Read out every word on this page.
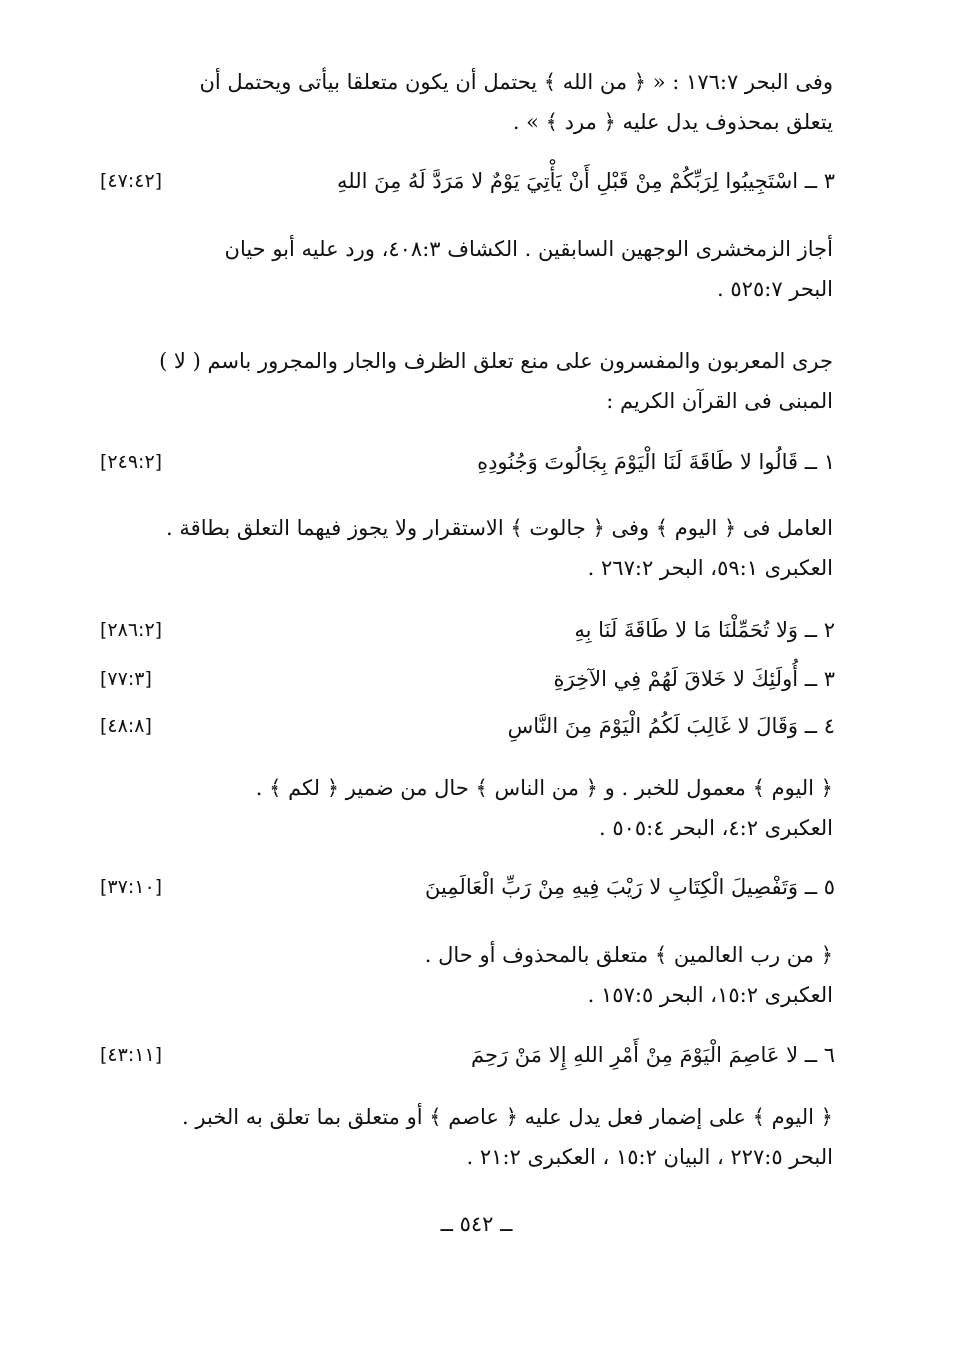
وفى البحر ١٧٦:٧ : « ﴿ من الله ﴾ يحتمل أن يكون متعلقا بيأتى ويحتمل أن
يتعلق بمحذوف يدل عليه ﴿ مرد ﴾ » .
٣ ــ اسْتَجِيبُوا لِرَبِّكُمْ مِنْ قَبْلِ أَنْ يَأْتِيَ يَوْمٌ لا مَرَدَّ لَهُ مِنَ اللهِ
[٤٧:٤٢]
أجاز الزمخشرى الوجهين السابقين . الكشاف ٤٠٨:٣، ورد عليه أبو حيان
البحر ٥٢٥:٧ .
جرى المعربون والمفسرون على منع تعلق الظرف والجار والمجرور باسم ( لا )
المبنى فى القرآن الكريم :
١ ــ قَالُوا لا طَاقَةَ لَنَا الْيَوْمَ بِجَالُوتَ وَجُنُودِهِ
[٢٤٩:٢]
العامل فى ﴿ اليوم ﴾ وفى ﴿ جالوت ﴾ الاستقرار ولا يجوز فيهما التعلق بطاقة .
العكبرى ٥٩:١، البحر ٢٦٧:٢ .
٢ ــ وَلا تُحَمِّلْنَا مَا لا طَاقَةَ لَنَا بِهِ
[٢٨٦:٢]
٣ ــ أُولَئِكَ لا خَلاقَ لَهُمْ فِي الآخِرَةِ
[٧٧:٣]
٤ ــ وَقَالَ لا غَالِبَ لَكُمُ الْيَوْمَ مِنَ النَّاسِ
[٤٨:٨]
﴿ اليوم ﴾ معمول للخبر . و ﴿ من الناس ﴾ حال من ضمير ﴿ لكم ﴾ .
العكبرى ٤:٢، البحر ٥٠٥:٤ .
٥ ــ وَتَفْصِيلَ الْكِتَابِ لا رَيْبَ فِيهِ مِنْ رَبِّ الْعَالَمِينَ
[٣٧:١٠]
﴿ من رب العالمين ﴾ متعلق بالمحذوف أو حال .
العكبرى ١٥:٢، البحر ١٥٧:٥ .
٦ ــ لا عَاصِمَ الْيَوْمَ مِنْ أَمْرِ اللهِ إِلا مَنْ رَحِمَ
[٤٣:١١]
﴿ اليوم ﴾ على إضمار فعل يدل عليه ﴿ عاصم ﴾ أو متعلق بما تعلق به الخبر .
البحر ٢٢٧:٥ ، البيان ١٥:٢ ، العكبرى ٢١:٢ .
ــ ٥٤٢ ــ
